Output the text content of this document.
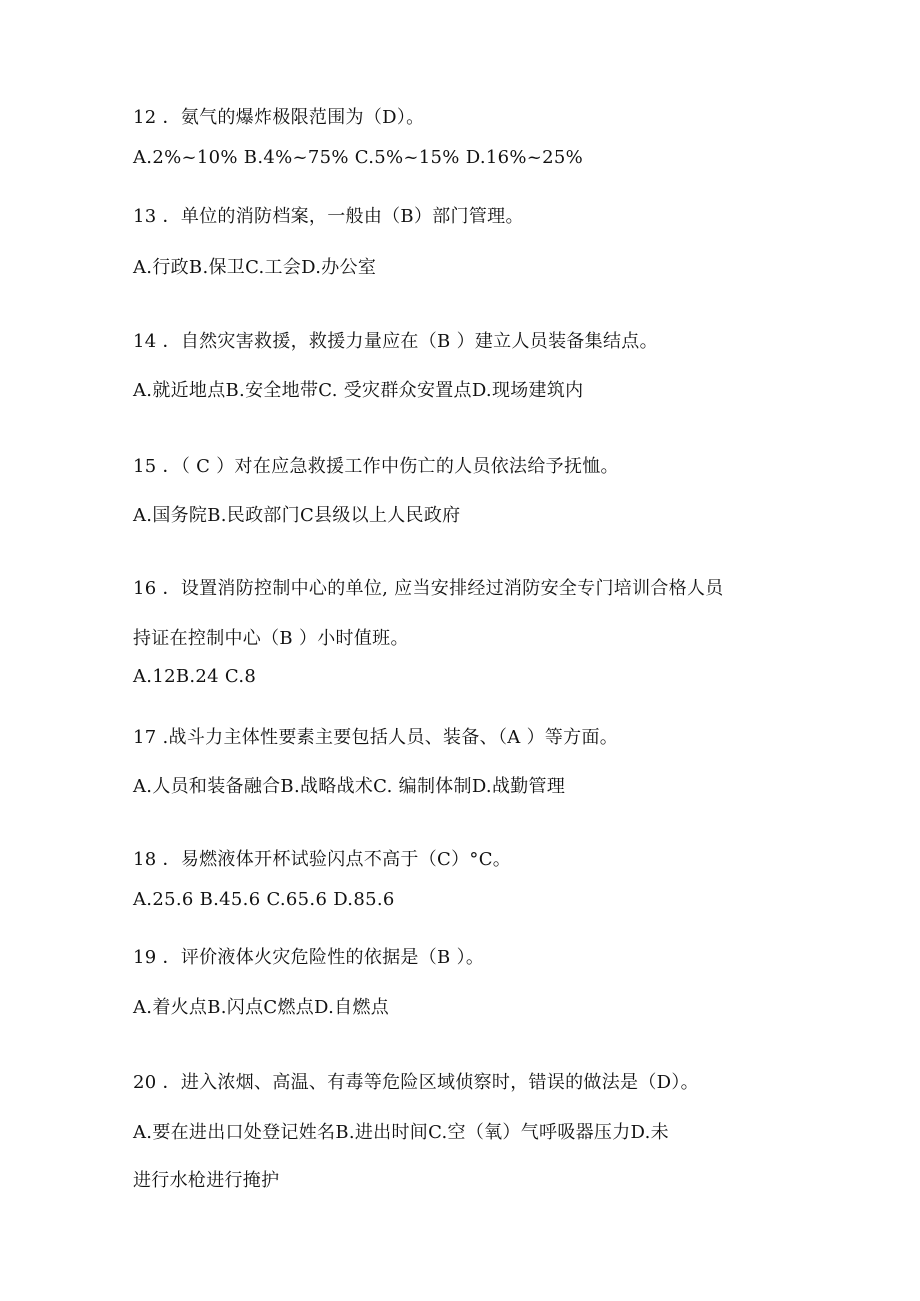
12 ．氨气的爆炸极限范围为（D）。
A.2%~10% B.4%~75% C.5%~15% D.16%~25%
13 ．单位的消防档案，一般由（B）部门管理。
A.行政B.保卫C.工会D.办公室
14 ．自然灾害救援，救援力量应在（B ）建立人员装备集结点。
A.就近地点B.安全地带C. 受灾群众安置点D.现场建筑内
15 ．（ C ）对在应急救援工作中伤亡的人员依法给予抚恤。
A.国务院B.民政部门C县级以上人民政府
16 ．设置消防控制中心的单位, 应当安排经过消防安全专门培训合格人员
持证在控制中心（B ）小时值班。
A.12B.24 C.8
17 .战斗力主体性要素主要包括人员、装备、（A ）等方面。
A.人员和装备融合B.战略战术C. 编制体制D.战勤管理
18 ．易燃液体开杯试验闪点不高于（C）°C。
A.25.6 B.45.6 C.65.6 D.85.6
19 ．评价液体火灾危险性的依据是（B ）。
A.着火点B.闪点C燃点D.自燃点
20 ．进入浓烟、高温、有毒等危险区域侦察时，错误的做法是（D）。
A.要在进出口处登记姓名B.进出时间C.空（氧）气呼吸器压力D.未
进行水枪进行掩护
